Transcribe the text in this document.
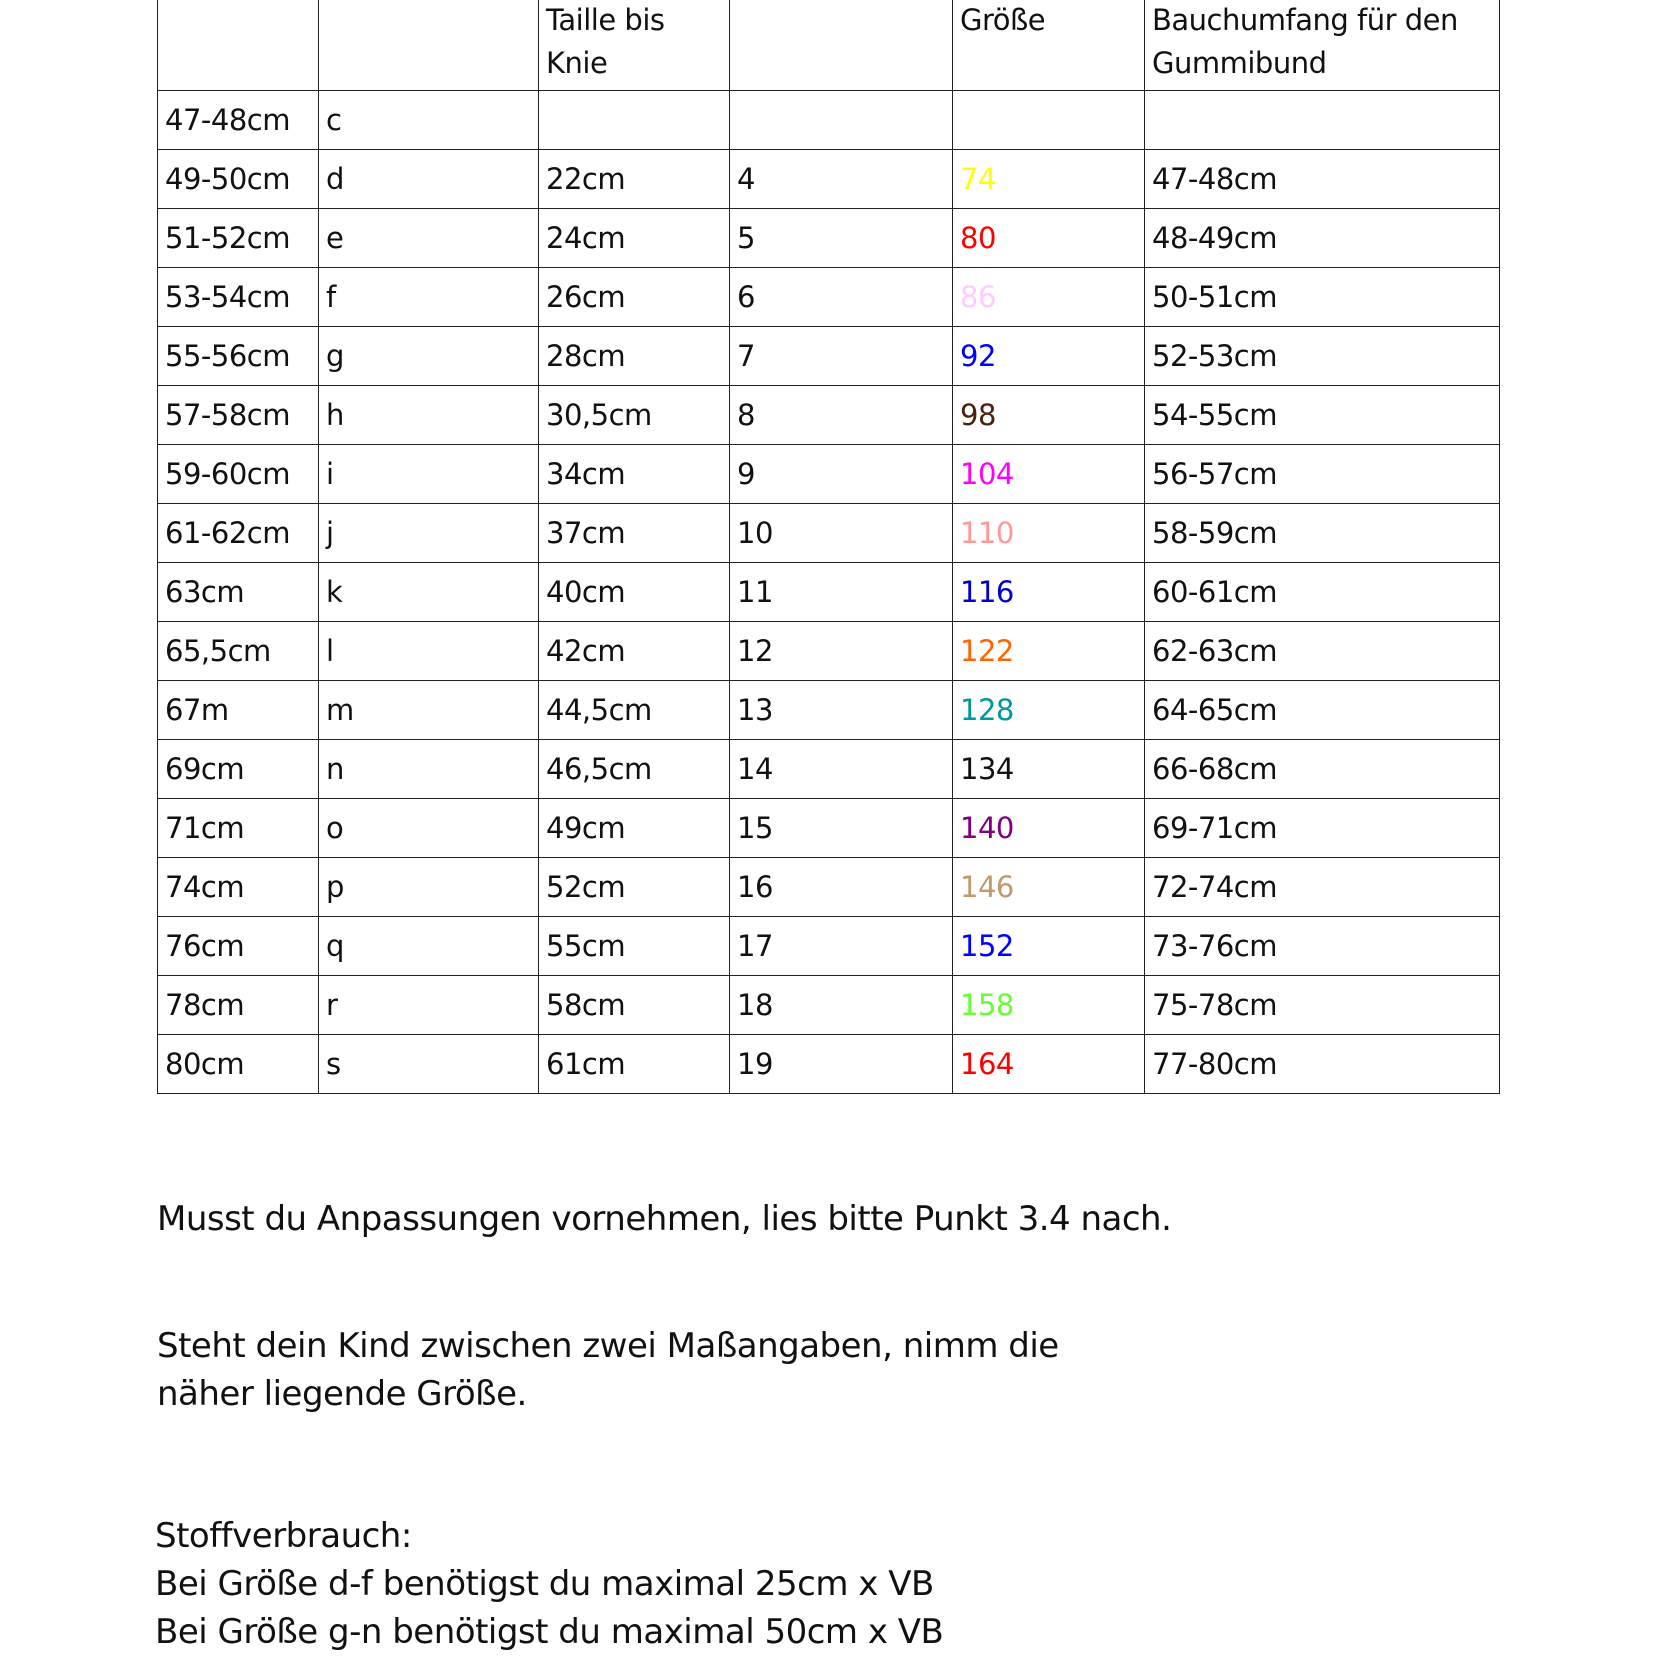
		Taille bis Knie		Größe	Bauchumfang für den Gummibund
47-48cm	c				
49-50cm	d	22cm	4	74	47-48cm
51-52cm	e	24cm	5	80	48-49cm
53-54cm	f	26cm	6	86	50-51cm
55-56cm	g	28cm	7	92	52-53cm
57-58cm	h	30,5cm	8	98	54-55cm
59-60cm	i	34cm	9	104	56-57cm
61-62cm	j	37cm	10	110	58-59cm
63cm	k	40cm	11	116	60-61cm
65,5cm	l	42cm	12	122	62-63cm
67m	m	44,5cm	13	128	64-65cm
69cm	n	46,5cm	14	134	66-68cm
71cm	o	49cm	15	140	69-71cm
74cm	p	52cm	16	146	72-74cm
76cm	q	55cm	17	152	73-76cm
78cm	r	58cm	18	158	75-78cm
80cm	s	61cm	19	164	77-80cm
Musst du Anpassungen vornehmen, lies bitte Punkt 3.4 nach.
Steht dein Kind zwischen zwei Maßangaben, nimm die
näher liegende Größe.
Stoffverbrauch:
Bei Größe d-f benötigst du maximal 25cm x VB
Bei Größe g-n benötigst du maximal 50cm x VB
